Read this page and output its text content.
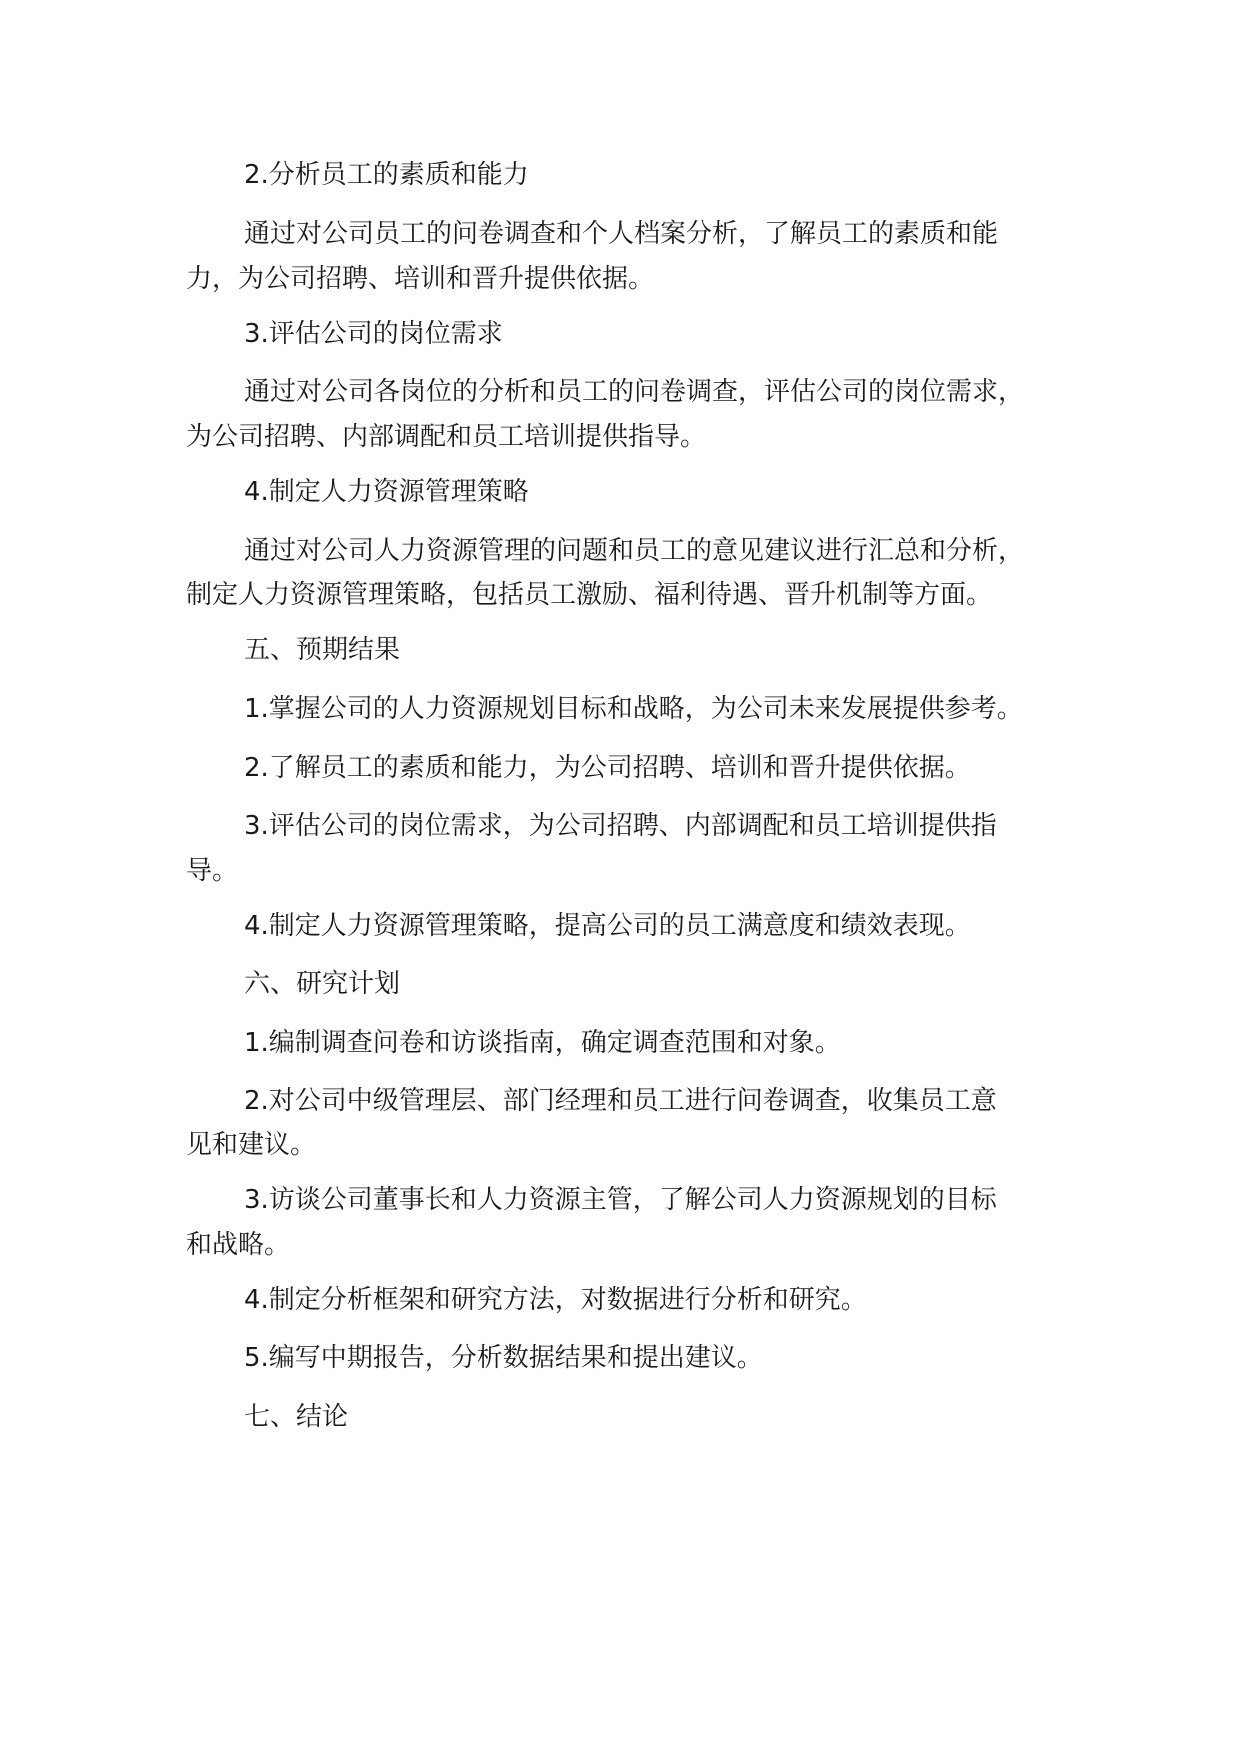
2.分析员工的素质和能力

通过对公司员工的问卷调查和个人档案分析，了解员工的素质和能

力，为公司招聘、培训和晋升提供依据。

3.评估公司的岗位需求

通过对公司各岗位的分析和员工的问卷调查，评估公司的岗位需求，

为公司招聘、内部调配和员工培训提供指导。

4.制定人力资源管理策略

通过对公司人力资源管理的问题和员工的意见建议进行汇总和分析，

制定人力资源管理策略，包括员工激励、福利待遇、晋升机制等方面。

五、预期结果

1.掌握公司的人力资源规划目标和战略，为公司未来发展提供参考。

2.了解员工的素质和能力，为公司招聘、培训和晋升提供依据。

3.评估公司的岗位需求，为公司招聘、内部调配和员工培训提供指

导。

4.制定人力资源管理策略，提高公司的员工满意度和绩效表现。

六、研究计划

1.编制调查问卷和访谈指南，确定调查范围和对象。

2.对公司中级管理层、部门经理和员工进行问卷调查，收集员工意

见和建议。

3.访谈公司董事长和人力资源主管，了解公司人力资源规划的目标

和战略。

4.制定分析框架和研究方法，对数据进行分析和研究。

5.编写中期报告，分析数据结果和提出建议。

七、结论
